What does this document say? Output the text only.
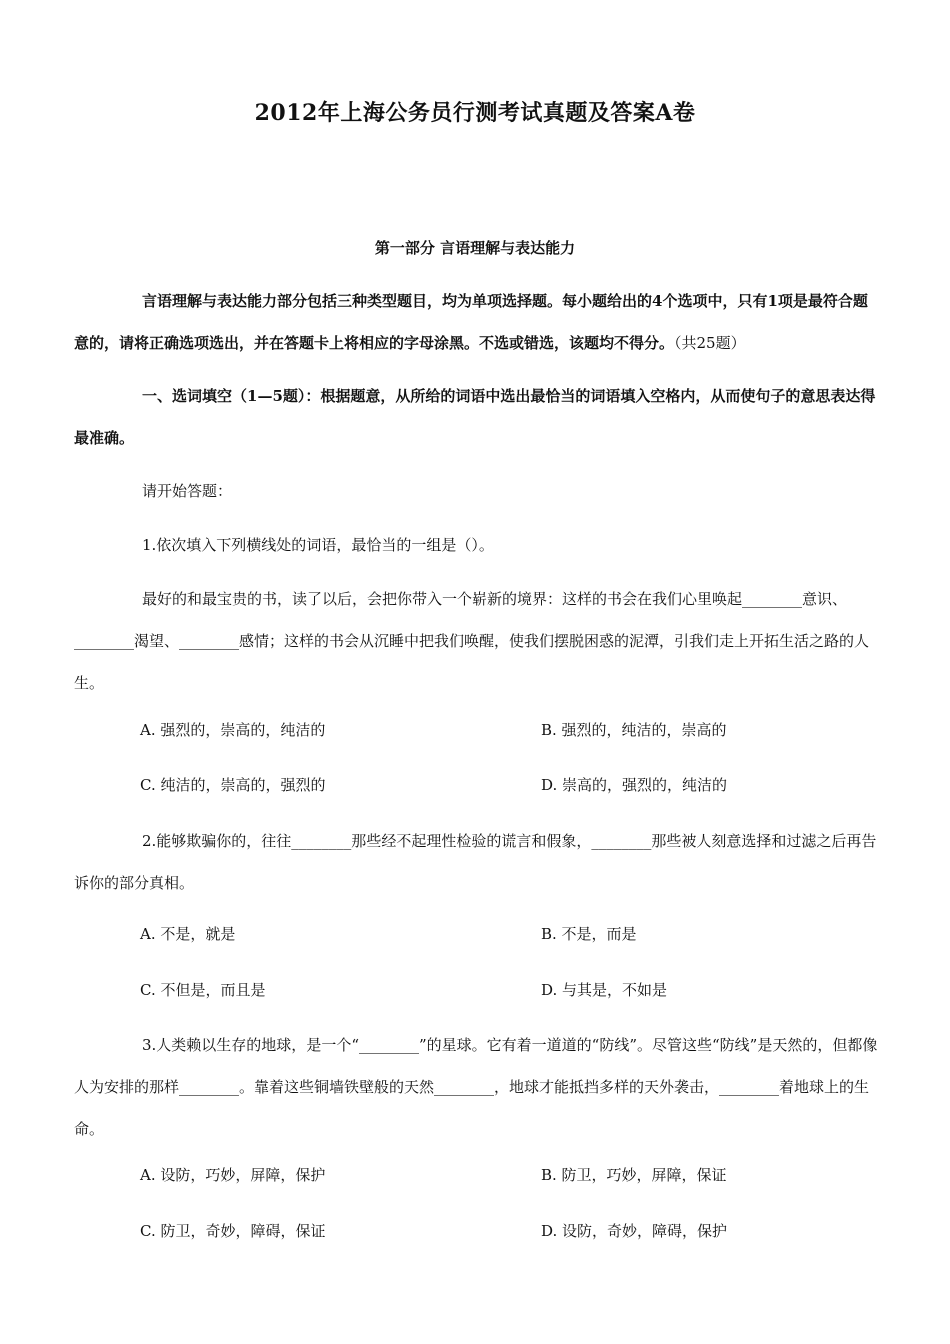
2012年上海公务员行测考试真题及答案A卷
第一部分 言语理解与表达能力

言语理解与表达能力部分包括三种类型题目，均为单项选择题。每小题给出的4个选项中，只有1项是最符合题意的，请将正确选项选出，并在答题卡上将相应的字母涂黑。不选或错选，该题均不得分。（共25题）

一、选词填空（1—5题）：根据题意，从所给的词语中选出最恰当的词语填入空格内，从而使句子的意思表达得最准确。

请开始答题：

1.依次填入下列横线处的词语，最恰当的一组是（）。

最好的和最宝贵的书，读了以后，会把你带入一个崭新的境界：这样的书会在我们心里唤起________意识、________渴望、________感情；这样的书会从沉睡中把我们唤醒，使我们摆脱困惑的泥潭，引我们走上开拓生活之路的人生。

A. 强烈的，崇高的，纯洁的	B. 强烈的，纯洁的，崇高的
C. 纯洁的，崇高的，强烈的	D. 崇高的，强烈的，纯洁的

2.能够欺骗你的，往往________那些经不起理性检验的谎言和假象，________那些被人刻意选择和过滤之后再告诉你的部分真相。

A. 不是，就是	B. 不是，而是
C. 不但是，而且是	D. 与其是，不如是

3.人类赖以生存的地球，是一个“________”的星球。它有着一道道的“防线”。尽管这些“防线”是天然的，但都像人为安排的那样________。靠着这些铜墙铁壁般的天然________，地球才能抵挡多样的天外袭击，________着地球上的生命。

A. 设防，巧妙，屏障，保护	B. 防卫，巧妙，屏障，保证
C. 防卫，奇妙，障碍，保证	D. 设防，奇妙，障碍，保护
